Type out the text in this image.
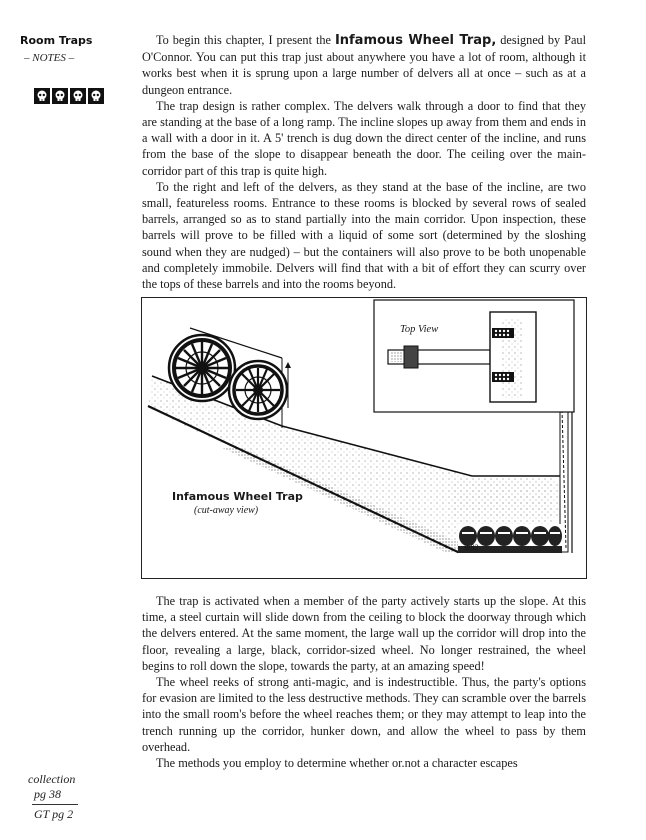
Room Traps
– NOTES –

To begin this chapter, I present the Infamous Wheel Trap, designed by Paul O'Connor. You can put this trap just about anywhere you have a lot of room, although it works best when it is sprung upon a large number of delvers all at once – such as at a dungeon entrance.

The trap design is rather complex. The delvers walk through a door to find that they are standing at the base of a long ramp. The incline slopes up away from them and ends in a wall with a door in it. A 5' trench is dug down the direct center of the incline, and runs from the base of the slope to disappear beneath the door. The ceiling over the main-corridor part of this trap is quite high.

To the right and left of the delvers, as they stand at the base of the incline, are two small, featureless rooms. Entrance to these rooms is blocked by several rows of sealed barrels, arranged so as to stand partially into the main corridor. Upon inspection, these barrels will prove to be filled with a liquid of some sort (determined by the sloshing sound when they are nudged) – but the containers will also prove to be both unopenable and completely immobile. Delvers will find that with a bit of effort they can scurry over the tops of these barrels and into the rooms beyond.

9/82
Top View
Infamous Wheel Trap
(cut-away view)

The trap is activated when a member of the party actively starts up the slope. At this time, a steel curtain will slide down from the ceiling to block the doorway through which the delvers entered. At the same moment, the large wall up the corridor will drop into the floor, revealing a large, black, corridor-sized wheel. No longer restrained, the wheel begins to roll down the slope, towards the party, at an amazing speed!

The wheel reeks of strong anti-magic, and is indestructible. Thus, the party's options for evasion are limited to the less destructive methods. They can scramble over the barrels into the small room's before the wheel reaches them; or they may attempt to leap into the trench running up the corridor, hunker down, and allow the wheel to pass by them overhead.

The methods you employ to determine whether or.not a character escapes

collection
pg 38
GT pg 2
